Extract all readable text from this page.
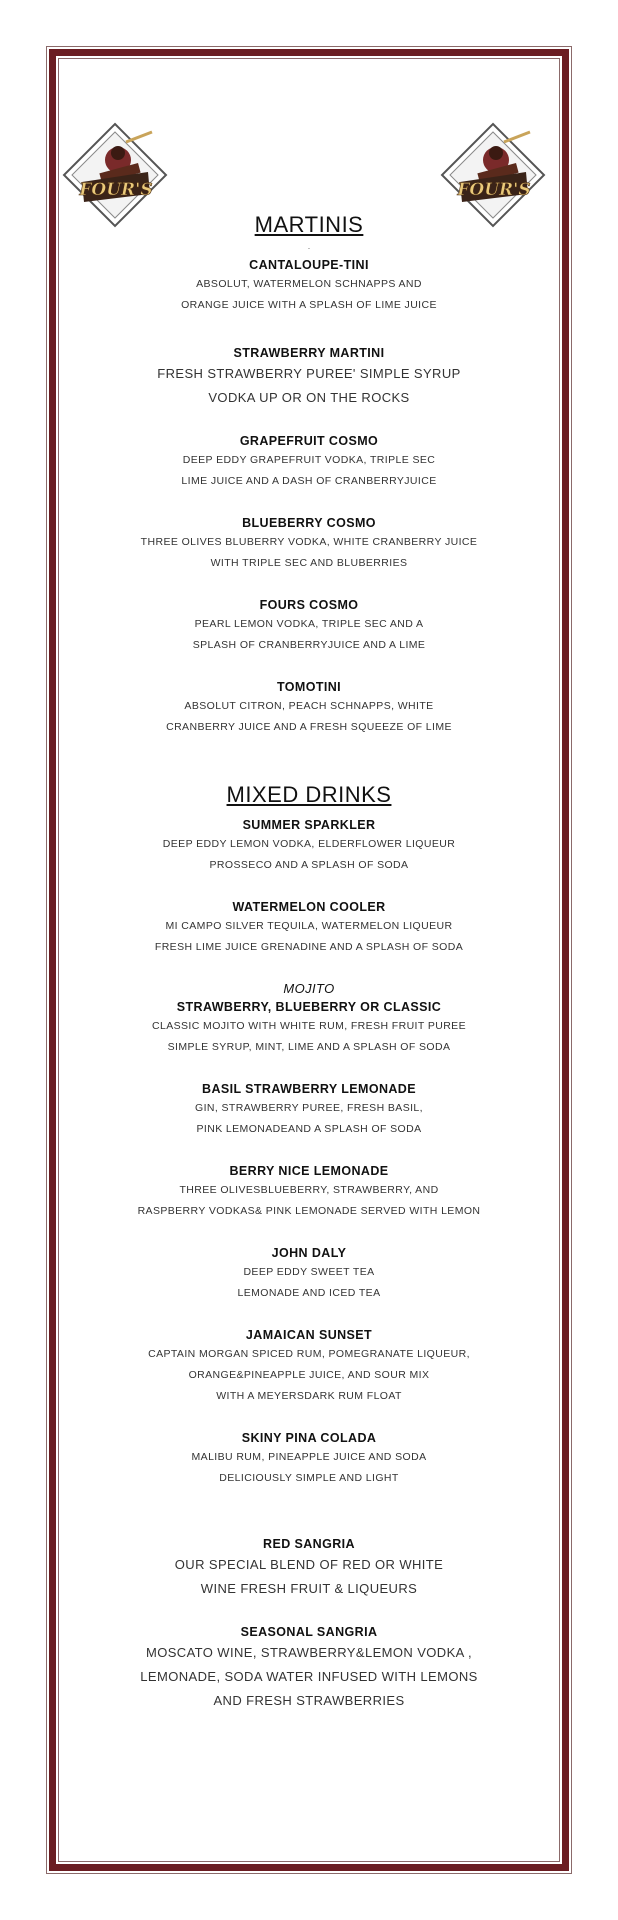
FOUR'S	FOUR'S
MARTINIS

.

CANTALOUPE-TINI

ABSOLUT, WATERMELON SCHNAPPS AND

ORANGE JUICE WITH A SPLASH OF LIME JUICE

STRAWBERRY MARTINI

FRESH STRAWBERRY PUREE' SIMPLE SYRUP

VODKA UP OR ON THE ROCKS

GRAPEFRUIT COSMO

DEEP EDDY GRAPEFRUIT VODKA, TRIPLE SEC

LIME JUICE AND A DASH OF CRANBERRYJUICE

BLUEBERRY COSMO

THREE OLIVES BLUBERRY VODKA, WHITE CRANBERRY JUICE

WITH TRIPLE SEC AND BLUBERRIES

FOURS COSMO

PEARL LEMON VODKA, TRIPLE SEC AND A

SPLASH OF CRANBERRYJUICE AND A LIME

TOMOTINI

ABSOLUT CITRON, PEACH SCHNAPPS, WHITE

CRANBERRY JUICE AND A FRESH SQUEEZE OF LIME

MIXED DRINKS

SUMMER SPARKLER

DEEP EDDY LEMON VODKA, ELDERFLOWER LIQUEUR

PROSSECO AND A SPLASH OF SODA

WATERMELON COOLER

MI CAMPO SILVER TEQUILA, WATERMELON LIQUEUR

FRESH LIME JUICE GRENADINE AND A SPLASH OF SODA

MOJITO

STRAWBERRY, BLUEBERRY OR CLASSIC

CLASSIC MOJITO WITH WHITE RUM, FRESH FRUIT PUREE

SIMPLE SYRUP, MINT, LIME AND A SPLASH OF SODA

BASIL STRAWBERRY LEMONADE

GIN, STRAWBERRY PUREE, FRESH BASIL,

PINK LEMONADEAND A SPLASH OF SODA

BERRY NICE LEMONADE

THREE OLIVESBLUEBERRY, STRAWBERRY, AND

RASPBERRY VODKAS& PINK LEMONADE SERVED WITH LEMON

JOHN DALY

DEEP EDDY SWEET TEA

LEMONADE AND ICED TEA

JAMAICAN SUNSET

CAPTAIN MORGAN SPICED RUM, POMEGRANATE LIQUEUR,

ORANGE&PINEAPPLE JUICE, AND SOUR MIX

WITH A MEYERSDARK RUM FLOAT

SKINY PINA COLADA

MALIBU RUM, PINEAPPLE JUICE AND SODA

DELICIOUSLY SIMPLE AND LIGHT

RED SANGRIA

OUR SPECIAL BLEND OF RED OR WHITE

WINE FRESH FRUIT & LIQUEURS

SEASONAL SANGRIA

MOSCATO WINE, STRAWBERRY&LEMON VODKA ,

LEMONADE, SODA WATER INFUSED WITH LEMONS

AND FRESH STRAWBERRIES
